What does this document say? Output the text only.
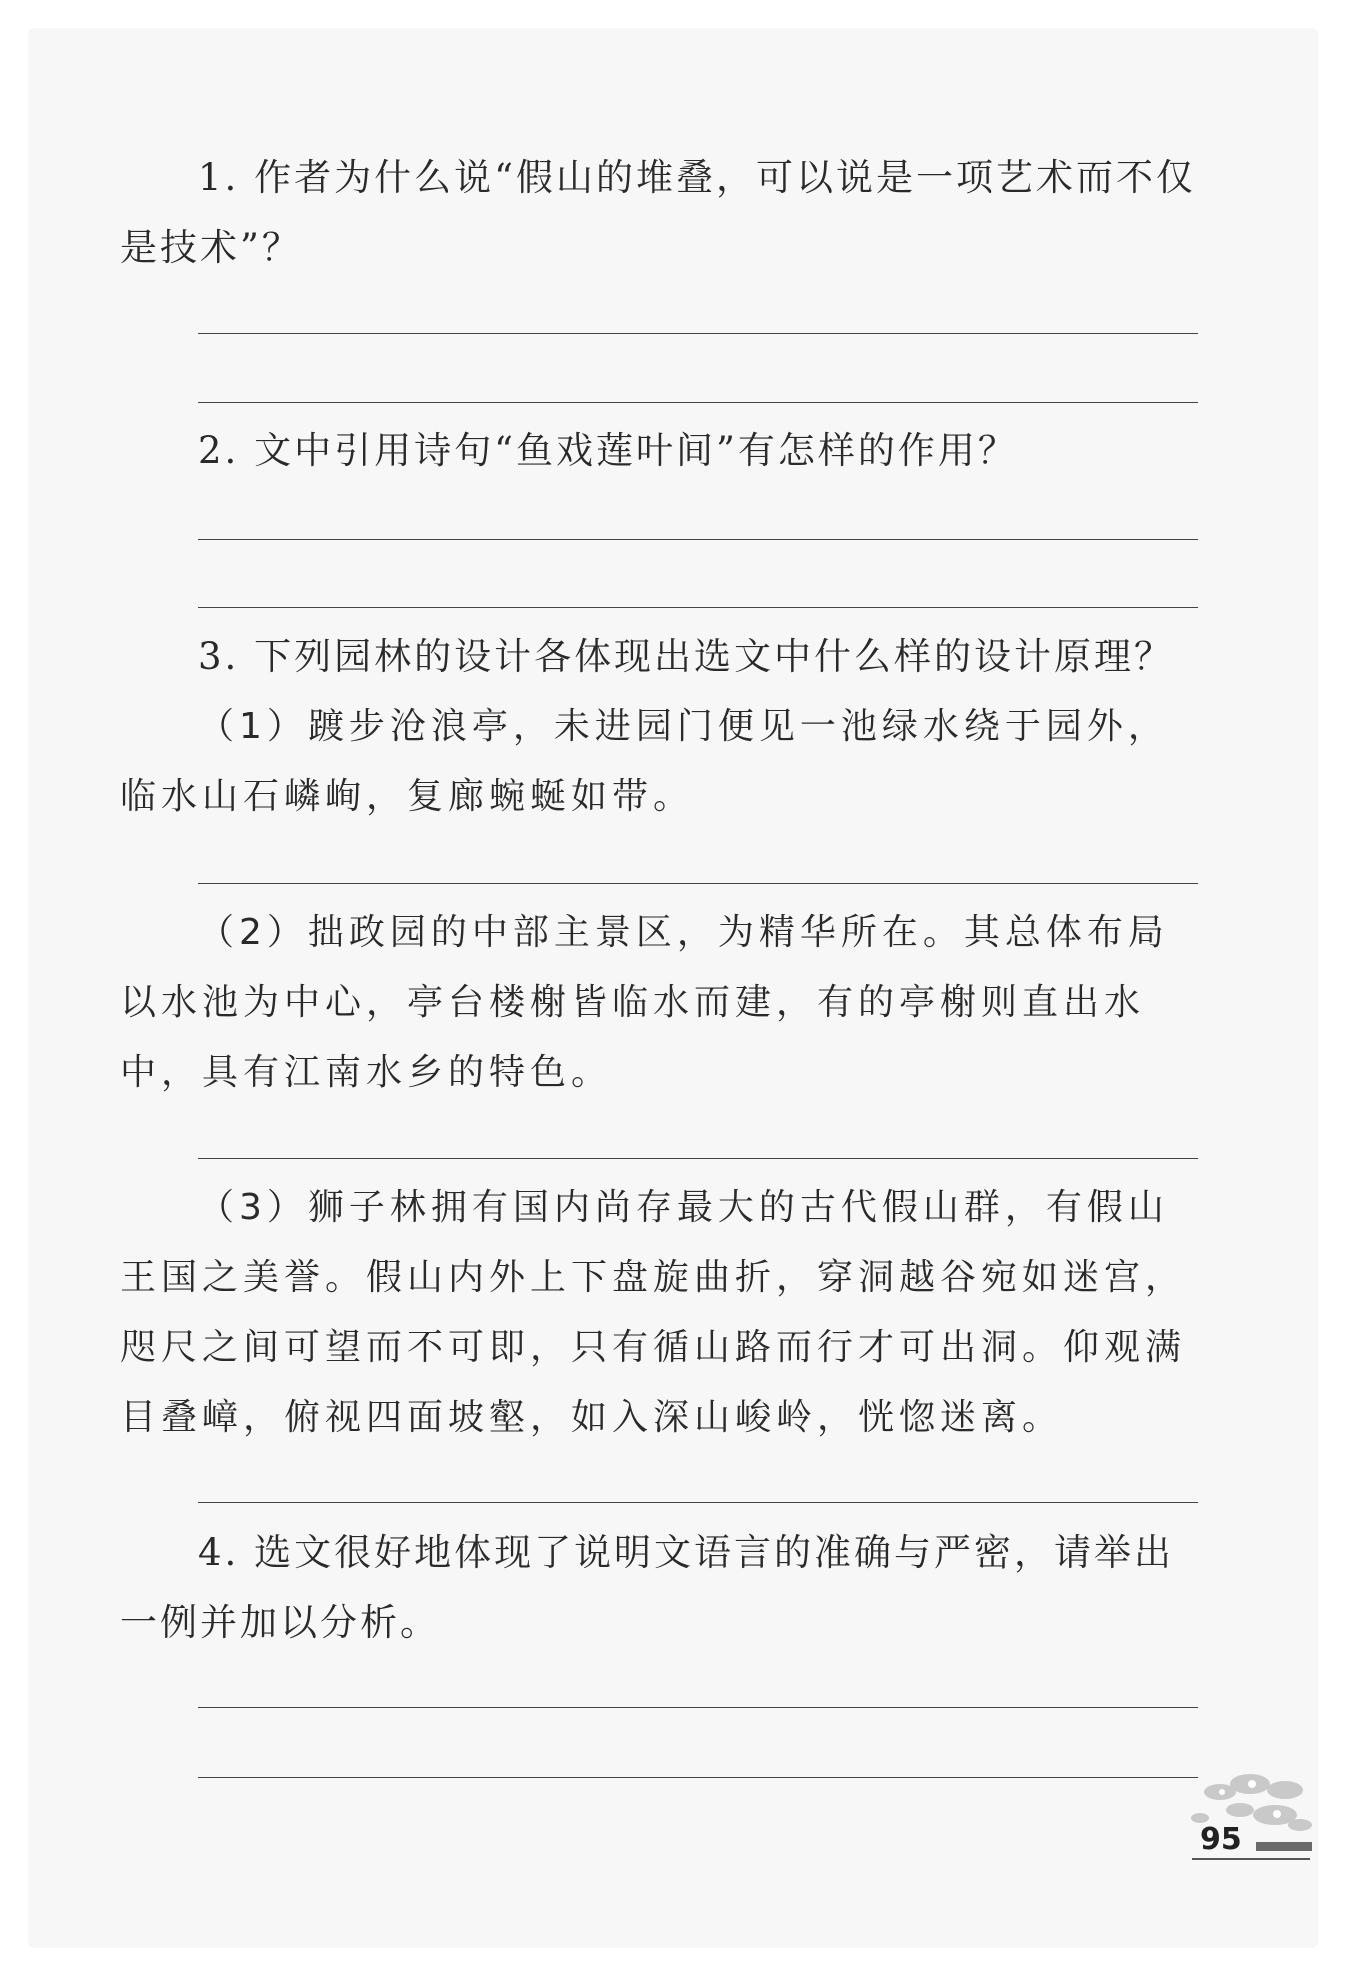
1. 作者为什么说“假山的堆叠，可以说是一项艺术而不仅是技术”？

2. 文中引用诗句“鱼戏莲叶间”有怎样的作用？

3. 下列园林的设计各体现出选文中什么样的设计原理？

（1）踱步沧浪亭，未进园门便见一池绿水绕于园外，临水山石嶙峋，复廊蜿蜒如带。

（2）拙政园的中部主景区，为精华所在。其总体布局以水池为中心，亭台楼榭皆临水而建，有的亭榭则直出水中，具有江南水乡的特色。

（3）狮子林拥有国内尚存最大的古代假山群，有假山王国之美誉。假山内外上下盘旋曲折，穿洞越谷宛如迷宫，咫尺之间可望而不可即，只有循山路而行才可出洞。仰观满目叠嶂，俯视四面坡壑，如入深山峻岭，恍惚迷离。

4. 选文很好地体现了说明文语言的准确与严密，请举出一例并加以分析。

95
